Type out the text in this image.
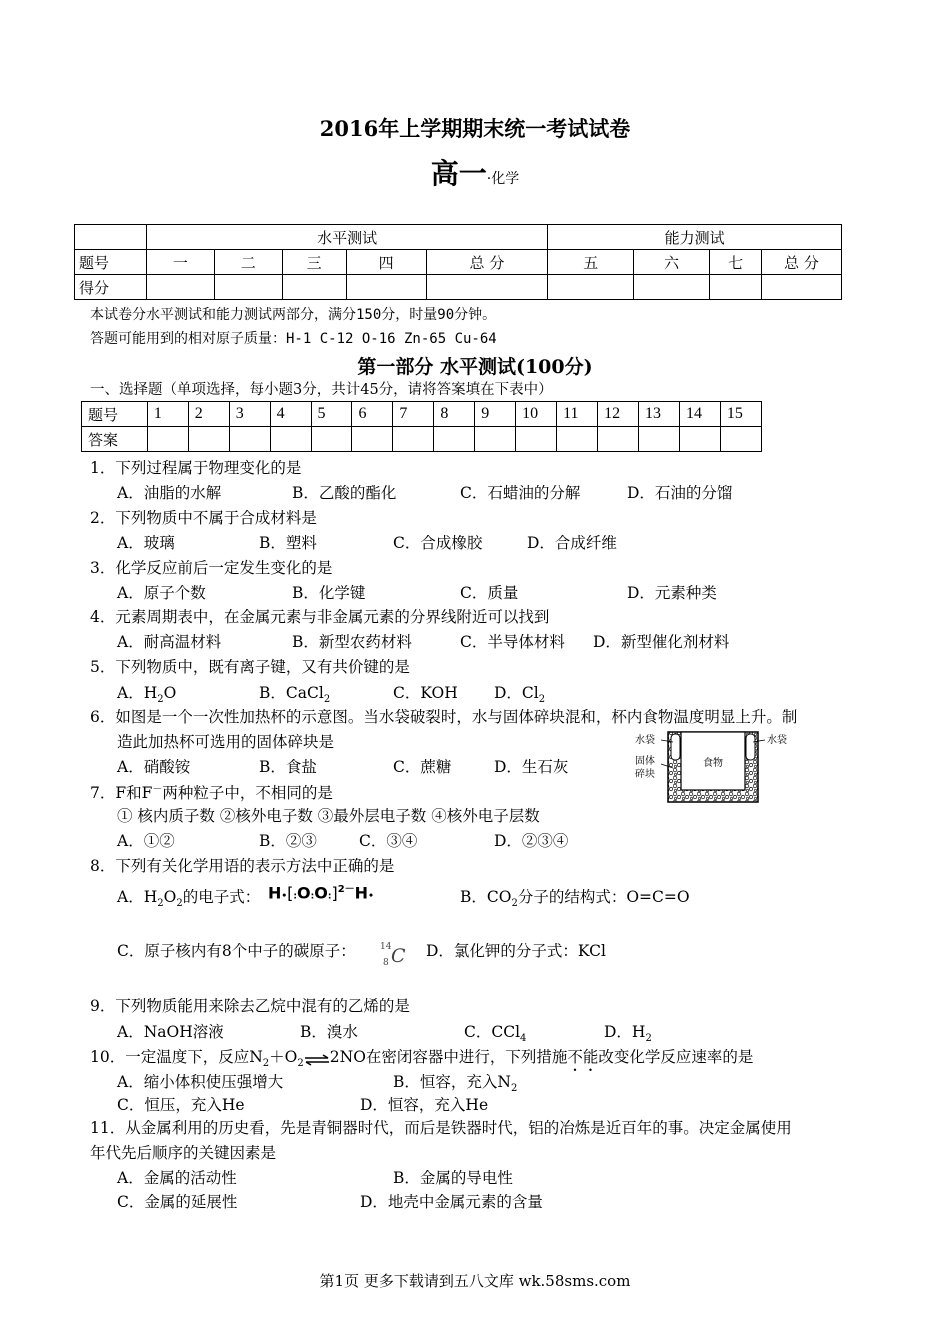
2016年上学期期末统一考试试卷
高一·化学
	水平测试					能力测试			
题号	一	二	三	四	总 分	五	六	七	总 分
得分									
本试卷分水平测试和能力测试两部分，满分150分，时量90分钟。
答题可能用到的相对原子质量：H-1 C-12 O-16 Zn-65 Cu-64
第一部分 水平测试(100分)
一、选择题（单项选择，每小题3分，共计45分，请将答案填在下表中）
题号	1	2	3	4	5	6	7	8	9	10	11	12	13	14	15
答案															
1．下列过程属于物理变化的是
A．油脂的水解	B．乙酸的酯化	C．石蜡油的分解	D．石油的分馏
2．下列物质中不属于合成材料是
A．玻璃	B．塑料	C．合成橡胶	D．合成纤维
3．化学反应前后一定发生变化的是
A．原子个数	B．化学键	C．质量	D．元素种类
4．元素周期表中，在金属元素与非金属元素的分界线附近可以找到
A．耐高温材料	B．新型农药材料	C．半导体材料 D．新型催化剂材料
5．下列物质中，既有离子键，又有共价键的是
A．$H_2O$	B．CaCl$_2$	C．KOH D．$Cl_2$
6．如图是一个一次性加热杯的示意图。当水袋破裂时，水与固体碎块混和，杯内食物温度明显上升。制
造此加热杯可选用的固体碎块是
A．硝酸铵	B．食盐	C．蔗糖	D．生石灰
水袋	水袋
食物
固体
碎块
7．F和F－两种粒子中，不相同的是
① 核内质子数 ②核外电子数 ③最外层电子数 ④核外电子层数
A．①②	B．②③	C．③④	D．②③④
8．下列有关化学用语的表示方法中正确的是
A．$H_2O_2$的电子式： H•[:O:O:]$^{2-}$H•	B．$CO_2$分子的结构式：O=C=O
C．原子核内有8个中子的碳原子：	14
8 C D．氯化钾的分子式：KCl
9．下列物质能用来除去乙烷中混有的乙烯的是
A．NaOH溶液	B．溴水	C．CCl$_4$	D．$H_2$
10．一定温度下，反应$N_2+O_2\rightleftharpoons 2NO$在密闭容器中进行，下列措施不能改变化学反应速率的是
A．缩小体积使压强增大	B．恒容，充入$N_2$
C．恒压，充入He	D．恒容，充入He
11．从金属利用的历史看，先是青铜器时代，而后是铁器时代，铝的冶炼是近百年的事。决定金属使用
年代先后顺序的关键因素是
A．金属的活动性	B．金属的导电性
C．金属的延展性	D．地壳中金属元素的含量
第1页 更多下载请到五八文库 wk.58sms.com
